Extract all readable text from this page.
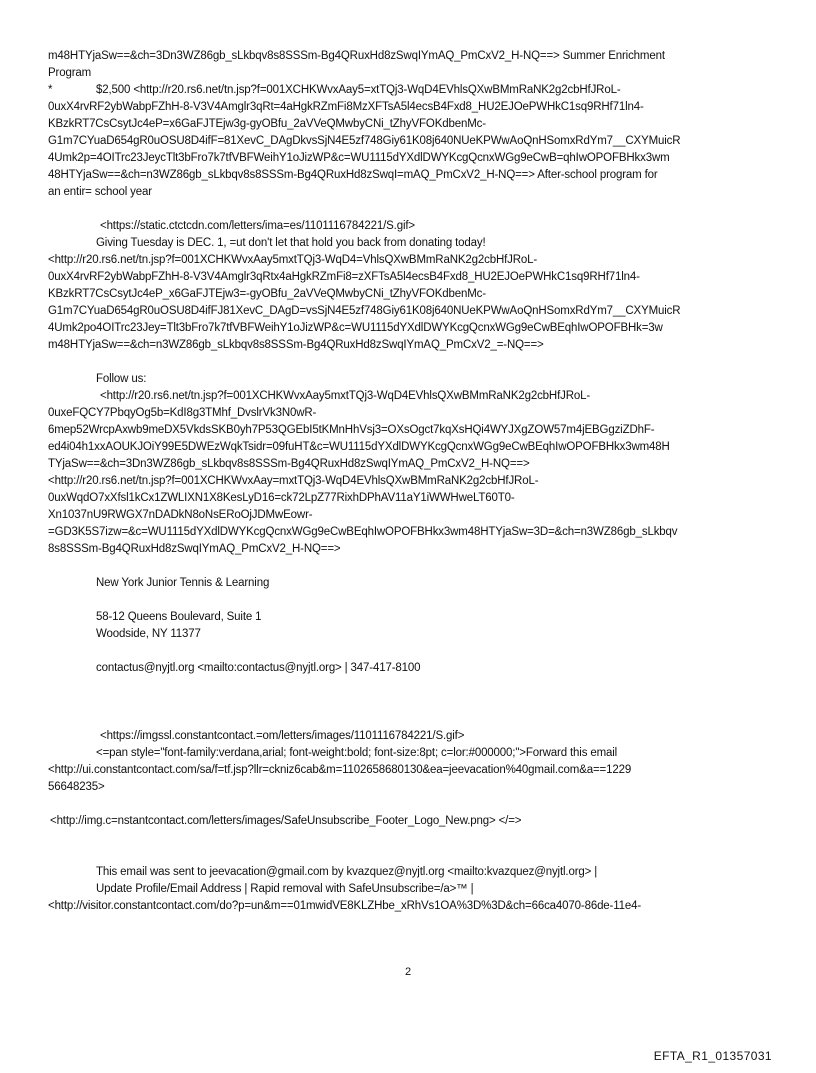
m48HTYjaSw==&ch=3Dn3WZ86gb_sLkbqv8s8SSSm-Bg4QRuxHd8zSwqIYmAQ_PmCxV2_H-NQ==> Summer Enrichment
Program
*	$2,500 <http://r20.rs6.net/tn.jsp?f=001XCHKWvxAay5=xtTQj3-WqD4EVhlsQXwBMmRaNK2g2cbHfJRoL-
0uxX4rvRF2ybWabpFZhH-8-V3V4Amglr3qRt=4aHgkRZmFi8MzXFTsA5l4ecsB4Fxd8_HU2EJOePWHkC1sq9RHf71ln4-
KBzkRT7CsCsytJc4eP=x6GaFJTEjw3g-gyOBfu_2aVVeQMwbyCNi_tZhyVFOKdbenMc-
G1m7CYuaD654gR0uOSU8D4ifF=81XevC_DAgDkvsSjN4E5zf748Giy61K08j640NUeKPWwAoQnHSomxRdYm7__CXYMuicR
4Umk2p=4OITrc23JeycTlt3bFro7k7tfVBFWeihY1oJizWP&c=WU1115dYXdlDWYKcgQcnxWGg9eCwB=qhIwOPOFBHkx3wm
48HTYjaSw==&ch=n3WZ86gb_sLkbqv8s8SSSm-Bg4QRuxHd8zSwqI=mAQ_PmCxV2_H-NQ==> After-school program for
an entir= school year
<https://static.ctctcdn.com/letters/ima=es/1101116784221/S.gif>
Giving Tuesday is DEC. 1, =ut don't let that hold you back from donating today!
<http://r20.rs6.net/tn.jsp?f=001XCHKWvxAay5mxtTQj3-WqD4=VhlsQXwBMmRaNK2g2cbHfJRoL-
0uxX4rvRF2ybWabpFZhH-8-V3V4Amglr3qRtx4aHgkRZmFi8=zXFTsA5l4ecsB4Fxd8_HU2EJOePWHkC1sq9RHf71ln4-
KBzkRT7CsCsytJc4eP_x6GaFJTEjw3=-gyOBfu_2aVVeQMwbyCNi_tZhyVFOKdbenMc-
G1m7CYuaD654gR0uOSU8D4ifFJ81XevC_DAgD=vsSjN4E5zf748Giy61K08j640NUeKPWwAoQnHSomxRdYm7__CXYMuicR
4Umk2po4OITrc23Jey=Tlt3bFro7k7tfVBFWeihY1oJizWP&c=WU1115dYXdlDWYKcgQcnxWGg9eCwBEqhIwOPOFBHk=3w
m48HTYjaSw==&ch=n3WZ86gb_sLkbqv8s8SSSm-Bg4QRuxHd8zSwqIYmAQ_PmCxV2_=-NQ==>
Follow us:
<http://r20.rs6.net/tn.jsp?f=001XCHKWvxAay5mxtTQj3-WqD4EVhlsQXwBMmRaNK2g2cbHfJRoL-
0uxeFQCY7PbqyOg5b=KdI8g3TMhf_DvslrVk3N0wR-
6mep52WrcpAxwb9meDX5VkdsSKB0yh7P53QGEbI5tKMnHhVsj3=OXsOgct7kqXsHQi4WYJXgZOW57m4jEBGgziZDhF-
ed4i04h1xxAOUKJOiY99E5DWEzWqkTsidr=09fuHT&c=WU1115dYXdlDWYKcgQcnxWGg9eCwBEqhIwOPOFBHkx3wm48H
TYjaSw==&ch=3Dn3WZ86gb_sLkbqv8s8SSSm-Bg4QRuxHd8zSwqIYmAQ_PmCxV2_H-NQ==>
<http://r20.rs6.net/tn.jsp?f=001XCHKWvxAay=mxtTQj3-WqD4EVhlsQXwBMmRaNK2g2cbHfJRoL-
0uxWqdO7xXfsl1kCx1ZWLIXN1X8KesLyD16=ck72LpZ77RixhDPhAV11aY1iWWHweLT60T0-
Xn1037nU9RWGX7nDADkN8oNsERoOjJDMwEowr-
=GD3K5S7izw=&c=WU1115dYXdlDWYKcgQcnxWGg9eCwBEqhIwOPOFBHkx3wm48HTYjaSw=3D=&ch=n3WZ86gb_sLkbqv
8s8SSSm-Bg4QRuxHd8zSwqIYmAQ_PmCxV2_H-NQ==>
New York Junior Tennis & Learning
58-12 Queens Boulevard, Suite 1
Woodside, NY 11377
contactus@nyjtl.org <mailto:contactus@nyjtl.org> | 347-417-8100
<https://imgssl.constantcontact.=om/letters/images/1101116784221/S.gif>
<=pan style="font-family:verdana,arial; font-weight:bold; font-size:8pt; c=lor:#000000;">Forward this email
<http://ui.constantcontact.com/sa/f=tf.jsp?llr=ckniz6cab&m=1102658680130&ea=jeevacation%40gmail.com&a==1229
56648235>
<http://img.c=nstantcontact.com/letters/images/SafeUnsubscribe_Footer_Logo_New.png> </=>
This email was sent to jeevacation@gmail.com by kvazquez@nyjtl.org <mailto:kvazquez@nyjtl.org> |
Update Profile/Email Address | Rapid removal with SafeUnsubscribe=/a>™ |
<http://visitor.constantcontact.com/do?p=un&m==01mwidVE8KLZHbe_xRhVs1OA%3D%3D&ch=66ca4070-86de-11e4-
2
EFTA_R1_01357031
